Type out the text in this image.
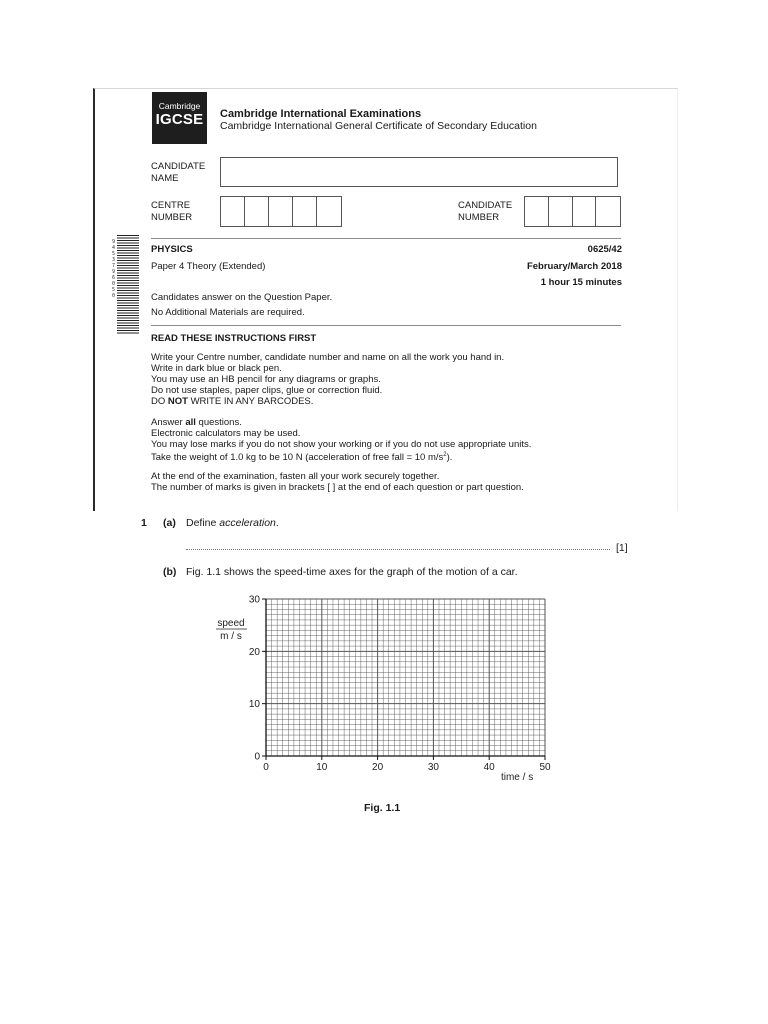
Cambridge
IGCSE	Cambridge International Examinations
Cambridge International General Certificate of Secondary Education
CANDIDATE
NAME
CENTRE
NUMBER
CANDIDATE
NUMBER
9453796050
PHYSICS	0625/42
Paper 4 Theory (Extended)	February/March 2018
1 hour 15 minutes
Candidates answer on the Question Paper.
No Additional Materials are required.
READ THESE INSTRUCTIONS FIRST

Write your Centre number, candidate number and name on all the work you hand in.

Write in dark blue or black pen.

You may use an HB pencil for any diagrams or graphs.

Do not use staples, paper clips, glue or correction fluid.

DO NOT WRITE IN ANY BARCODES.

Answer all questions.

Electronic calculators may be used.

You may lose marks if you do not show your working or if you do not use appropriate units.

Take the weight of 1.0 kg to be 10 N (acceleration of free fall = 10 $m/s^2$).

At the end of the examination, fasten all your work securely together.

The number of marks is given in brackets [ ] at the end of each question or part question.

1 (a) Define acceleration.
[1]
(b) Fig. 1.1 shows the speed-time axes for the graph of the motion of a car.
0	10	20	30	40	50
0
10
20
30
speed
m / s
time / s
Fig. 1.1
